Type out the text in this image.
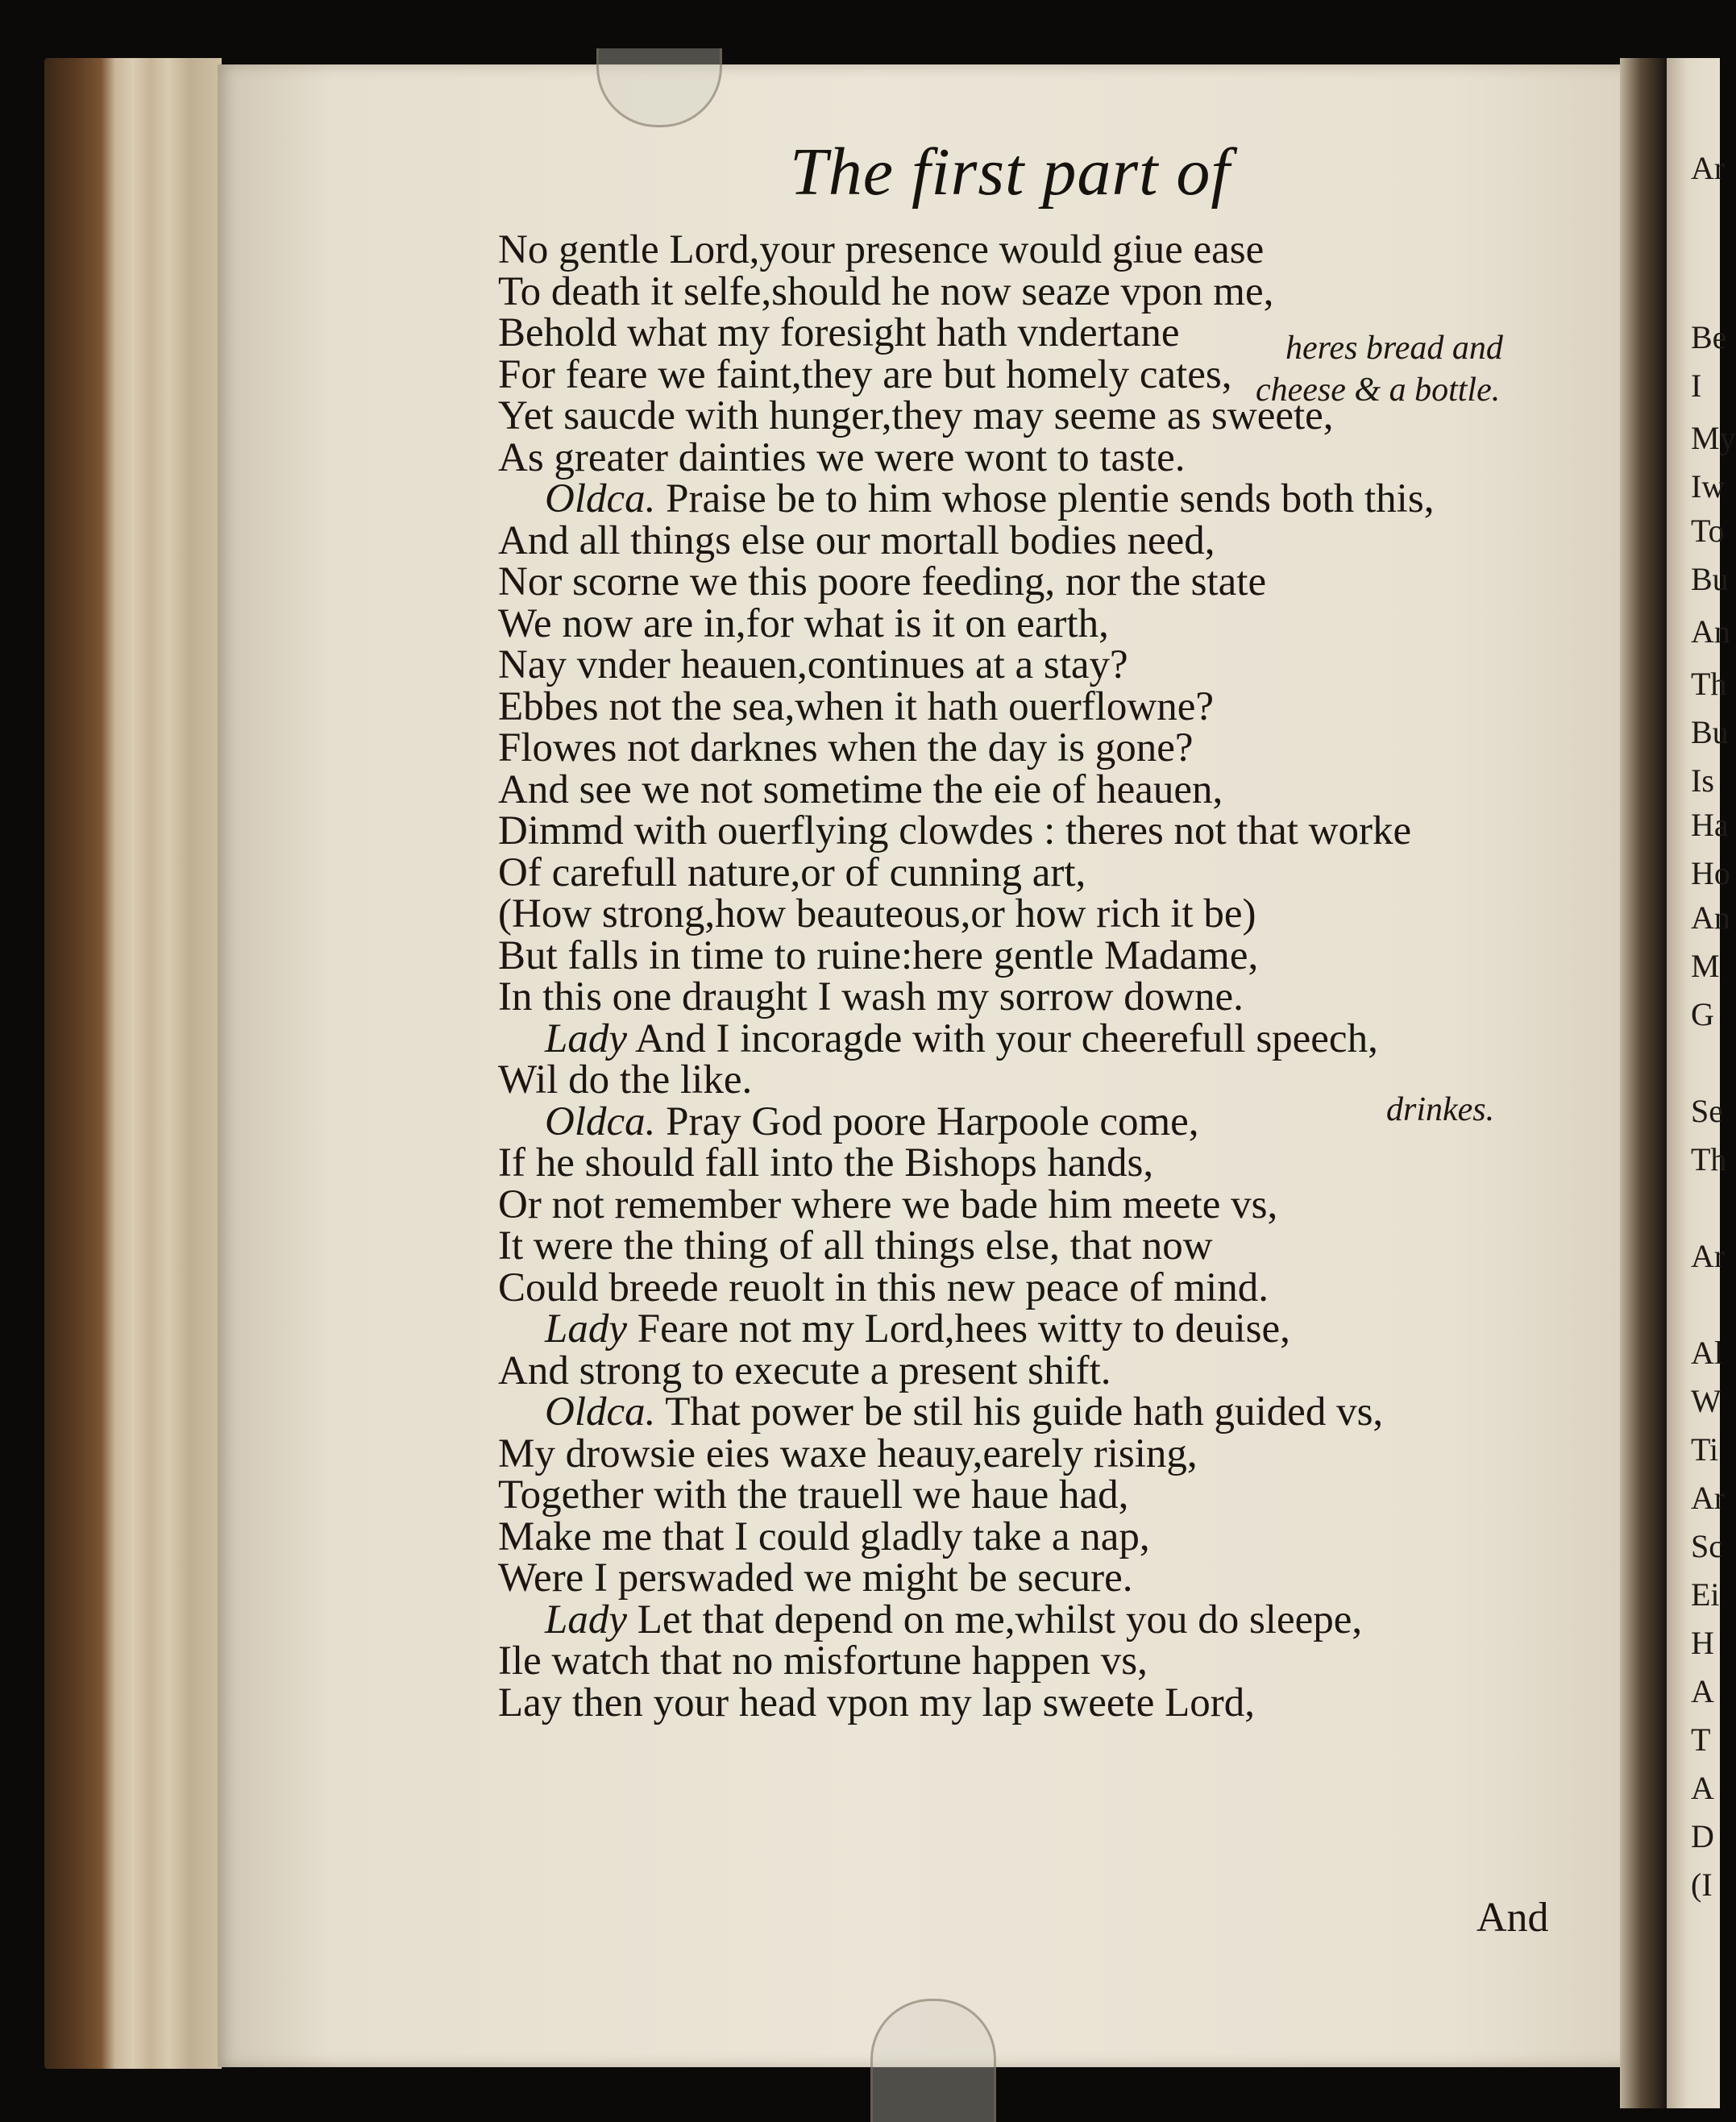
Ar
Be
I
My
Iw
To
Bu
An
Th
Bu
Is
Ha
Ho
An
M
G
Se
Th
Ar
Al
W
Ti
Ar
Sc
Ei
H
A
T
A
D
(I
The first part of
No gentle Lord,your presence would giue ease
To death it selfe,should he now seaze vpon me,
Behold what my foresight hath vndertane
For feare we faint,they are but homely cates,
Yet saucde with hunger,they may seeme as sweete,
As greater dainties we were wont to taste.
Oldca. Praise be to him whose plentie sends both this,
And all things else our mortall bodies need,
Nor scorne we this poore feeding, nor the state
We now are in,for what is it on earth,
Nay vnder heauen,continues at a stay?
Ebbes not the sea,when it hath ouerflowne?
Flowes not darknes when the day is gone?
And see we not sometime the eie of heauen,
Dimmd with ouerflying clowdes : theres not that worke
Of carefull nature,or of cunning art,
(How strong,how beauteous,or how rich it be)
But falls in time to ruine:here gentle Madame,
In this one draught I wash my sorrow downe.
Lady And I incoragde with your cheerefull speech,
Wil do the like.
Oldca. Pray God poore Harpoole come,
If he should fall into the Bishops hands,
Or not remember where we bade him meete vs,
It were the thing of all things else, that now
Could breede reuolt in this new peace of mind.
Lady Feare not my Lord,hees witty to deuise,
And strong to execute a present shift.
Oldca. That power be stil his guide hath guided vs,
My drowsie eies waxe heauy,earely rising,
Together with the trauell we haue had,
Make me that I could gladly take a nap,
Were I perswaded we might be secure.
Lady Let that depend on me,whilst you do sleepe,
Ile watch that no misfortune happen vs,
Lay then your head vpon my lap sweete Lord,
heres bread and
cheese & a bottle.
drinkes.
And
